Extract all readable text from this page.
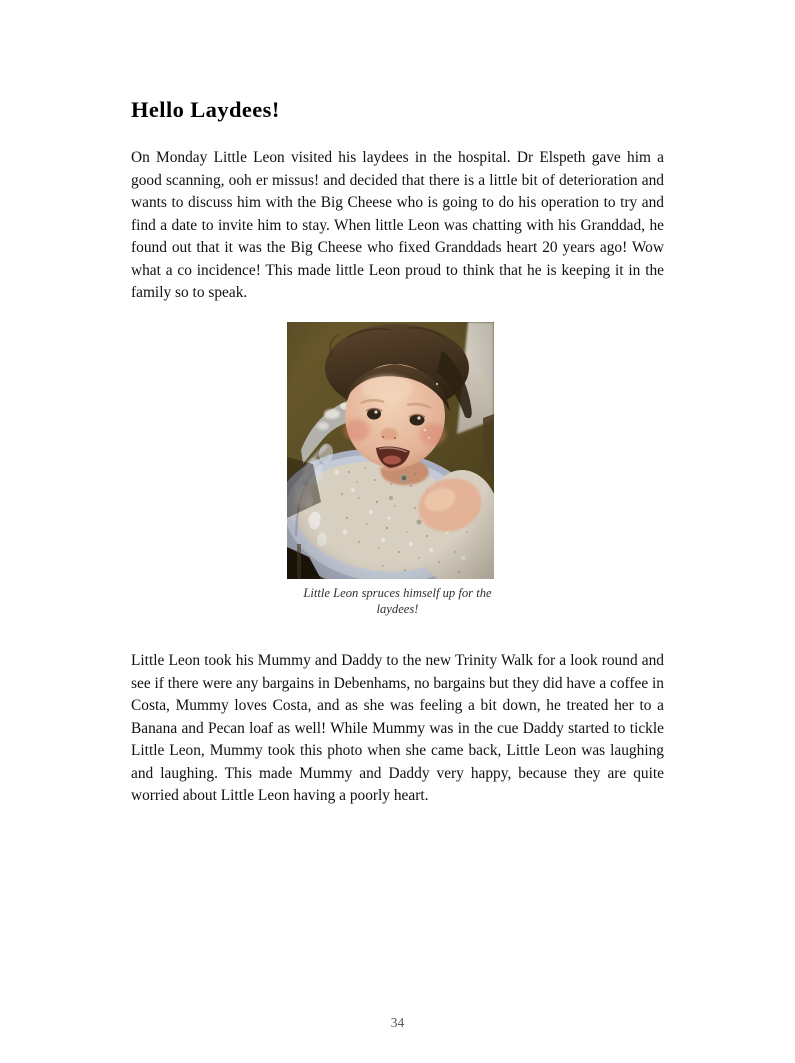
Hello Laydees!

On Monday Little Leon visited his laydees in the hospital. Dr Elspeth gave him a good scanning, ooh er missus! and decided that there is a little bit of deterioration and wants to discuss him with the Big Cheese who is going to do his operation to try and find a date to invite him to stay. When little Leon was chatting with his Granddad, he found out that it was the Big Cheese who fixed Granddads heart 20 years ago! Wow what a co incidence! This made little Leon proud to think that he is keeping it in the family so to speak.

Little Leon spruces himself up for the laydees!

Little Leon took his Mummy and Daddy to the new Trinity Walk for a look round and see if there were any bargains in Debenhams, no bargains but they did have a coffee in Costa, Mummy loves Costa, and as she was feeling a bit down, he treated her to a Banana and Pecan loaf as well! While Mummy was in the cue Daddy started to tickle Little Leon, Mummy took this photo when she came back, Little Leon was laughing and laughing. This made Mummy and Daddy very happy, because they are quite worried about Little Leon having a poorly heart.

34
